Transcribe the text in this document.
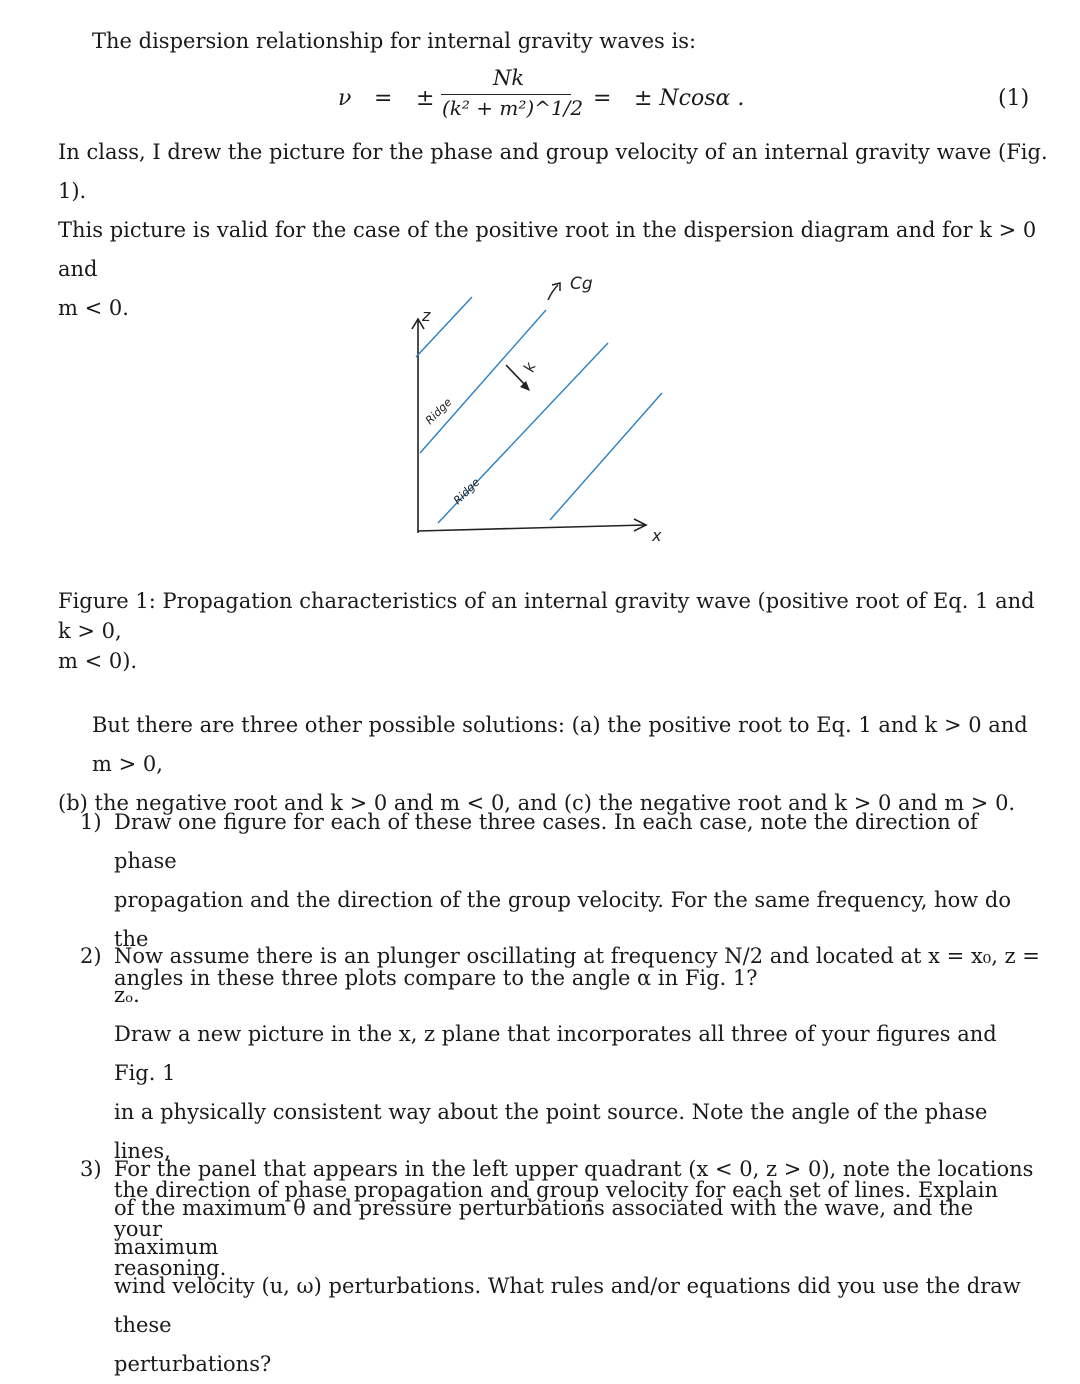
The dispersion relationship for internal gravity waves is:
ν = ±
Nk
(k² + m²)^1/2 = ± Ncosα .	(1)
In class, I drew the picture for the phase and group velocity of an internal gravity wave (Fig. 1).
This picture is valid for the case of the positive root in the dispersion diagram and for k > 0 and
m < 0.	z
x
k
Cg
Ridge
Ridge
Figure 1: Propagation characteristics of an internal gravity wave (positive root of Eq. 1 and k > 0,
m < 0).
But there are three other possible solutions: (a) the positive root to Eq. 1 and k > 0 and m > 0,
(b) the negative root and k > 0 and m < 0, and (c) the negative root and k > 0 and m > 0.
1) Draw one figure for each of these three cases. In each case, note the direction of phase
propagation and the direction of the group velocity. For the same frequency, how do the
angles in these three plots compare to the angle α in Fig. 1?
2) Now assume there is an plunger oscillating at frequency N/2 and located at x = x₀, z = zₒ.
Draw a new picture in the x, z plane that incorporates all three of your figures and Fig. 1
in a physically consistent way about the point source. Note the angle of the phase lines,
the direction of phase propagation and group velocity for each set of lines. Explain your
reasoning.
3) For the panel that appears in the left upper quadrant (x < 0, z > 0), note the locations
of the maximum θ and pressure perturbations associated with the wave, and the maximum
wind velocity (u, ω) perturbations. What rules and/or equations did you use the draw these
perturbations?
